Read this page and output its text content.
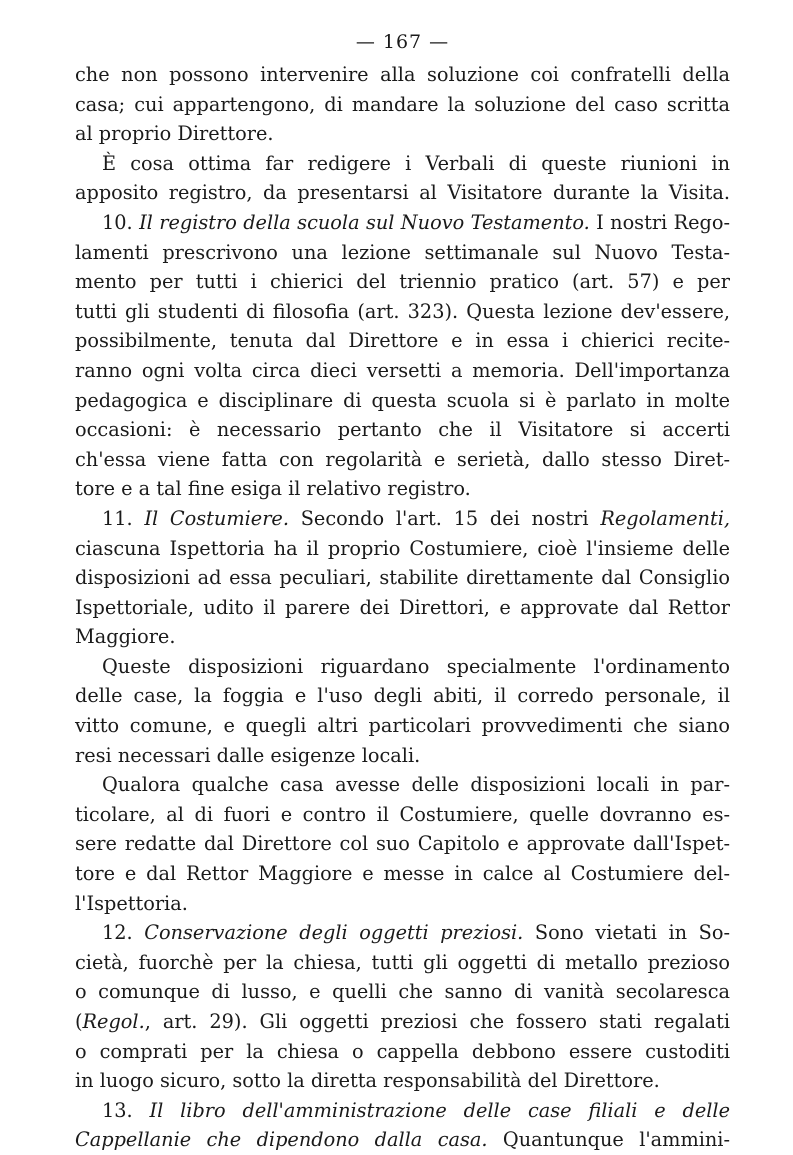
— 167 —
che non possono intervenire alla soluzione coi confratelli della
casa; cui appartengono, di mandare la soluzione del caso scritta
al proprio Direttore.
È cosa ottima far redigere i Verbali di queste riunioni in
apposito registro, da presentarsi al Visitatore durante la Visita.
10. Il registro della scuola sul Nuovo Testamento. I nostri Rego-
lamenti prescrivono una lezione settimanale sul Nuovo Testa-
mento per tutti i chierici del triennio pratico (art. 57) e per
tutti gli studenti di filosofia (art. 323). Questa lezione dev'essere,
possibilmente, tenuta dal Direttore e in essa i chierici recite-
ranno ogni volta circa dieci versetti a memoria. Dell'importanza
pedagogica e disciplinare di questa scuola si è parlato in molte
occasioni: è necessario pertanto che il Visitatore si accerti
ch'essa viene fatta con regolarità e serietà, dallo stesso Diret-
tore e a tal fine esiga il relativo registro.
11. Il Costumiere. Secondo l'art. 15 dei nostri Regolamenti,
ciascuna Ispettoria ha il proprio Costumiere, cioè l'insieme delle
disposizioni ad essa peculiari, stabilite direttamente dal Consiglio
Ispettoriale, udito il parere dei Direttori, e approvate dal Rettor
Maggiore.
Queste disposizioni riguardano specialmente l'ordinamento
delle case, la foggia e l'uso degli abiti, il corredo personale, il
vitto comune, e quegli altri particolari provvedimenti che siano
resi necessari dalle esigenze locali.
Qualora qualche casa avesse delle disposizioni locali in par-
ticolare, al di fuori e contro il Costumiere, quelle dovranno es-
sere redatte dal Direttore col suo Capitolo e approvate dall'Ispet-
tore e dal Rettor Maggiore e messe in calce al Costumiere del-
l'Ispettoria.
12. Conservazione degli oggetti preziosi. Sono vietati in So-
cietà, fuorchè per la chiesa, tutti gli oggetti di metallo prezioso
o comunque di lusso, e quelli che sanno di vanità secolaresca
(Regol., art. 29). Gli oggetti preziosi che fossero stati regalati
o comprati per la chiesa o cappella debbono essere custoditi
in luogo sicuro, sotto la diretta responsabilità del Direttore.
13. Il libro dell'amministrazione delle case filiali e delle
Cappellanie che dipendono dalla casa. Quantunque l'ammini-
